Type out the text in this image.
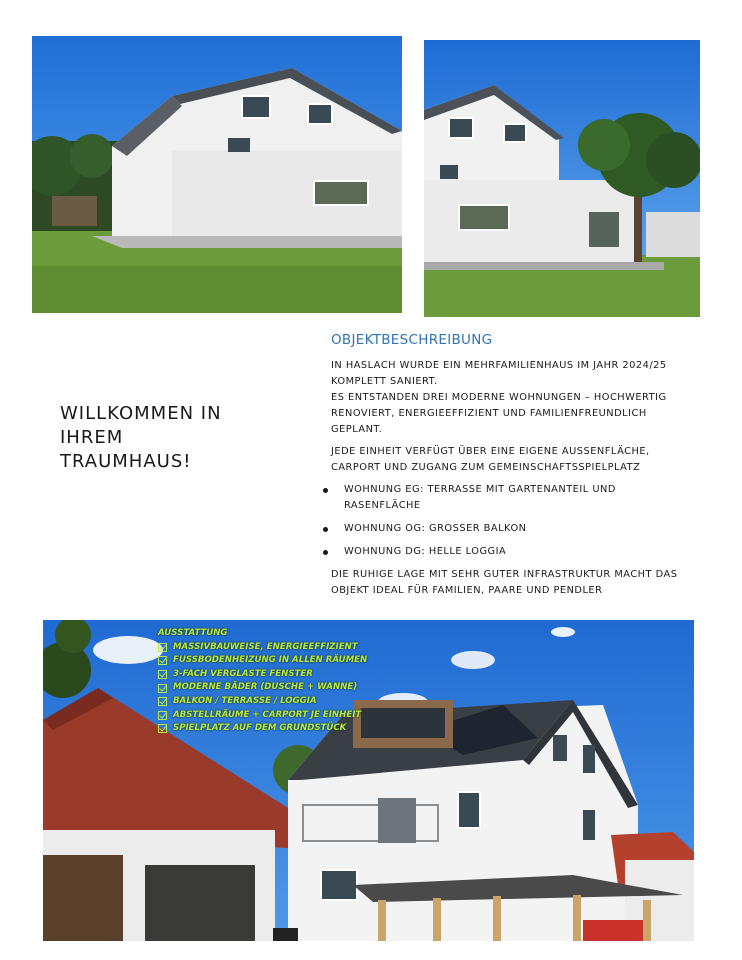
WILLKOMMEN IN
IHREM
TRAUMHAUS!
OBJEKTBESCHREIBUNG

IN HASLACH WURDE EIN MEHRFAMILIENHAUS IM JAHR 2024/25 KOMPLETT SANIERT.
ES ENTSTANDEN DREI MODERNE WOHNUNGEN – HOCHWERTIG RENOVIERT, ENERGIEEFFIZIENT UND FAMILIENFREUNDLICH GEPLANT.

JEDE EINHEIT VERFÜGT ÜBER EINE EIGENE AUSSENFLÄCHE, CARPORT UND ZUGANG ZUM GEMEINSCHAFTSSPIELPLATZ

WOHNUNG EG: TERRASSE MIT GARTENANTEIL UND RASENFLÄCHE
WOHNUNG OG: GROSSER BALKON
WOHNUNG DG: HELLE LOGGIA

DIE RUHIGE LAGE MIT SEHR GUTER INFRASTRUKTUR MACHT DAS OBJEKT IDEAL FÜR FAMILIEN, PAARE UND PENDLER

AUSSTATTUNG
MASSIVBAUWEISE, ENERGIEEFFIZIENT
FUSSBODENHEIZUNG IN ALLEN RÄUMEN
3-FACH VERGLASTE FENSTER
MODERNE BÄDER (DUSCHE + WANNE)
BALKON / TERRASSE / LOGGIA
ABSTELLRÄUME + CARPORT JE EINHEIT
SPIELPLATZ AUF DEM GRUNDSTÜCK
